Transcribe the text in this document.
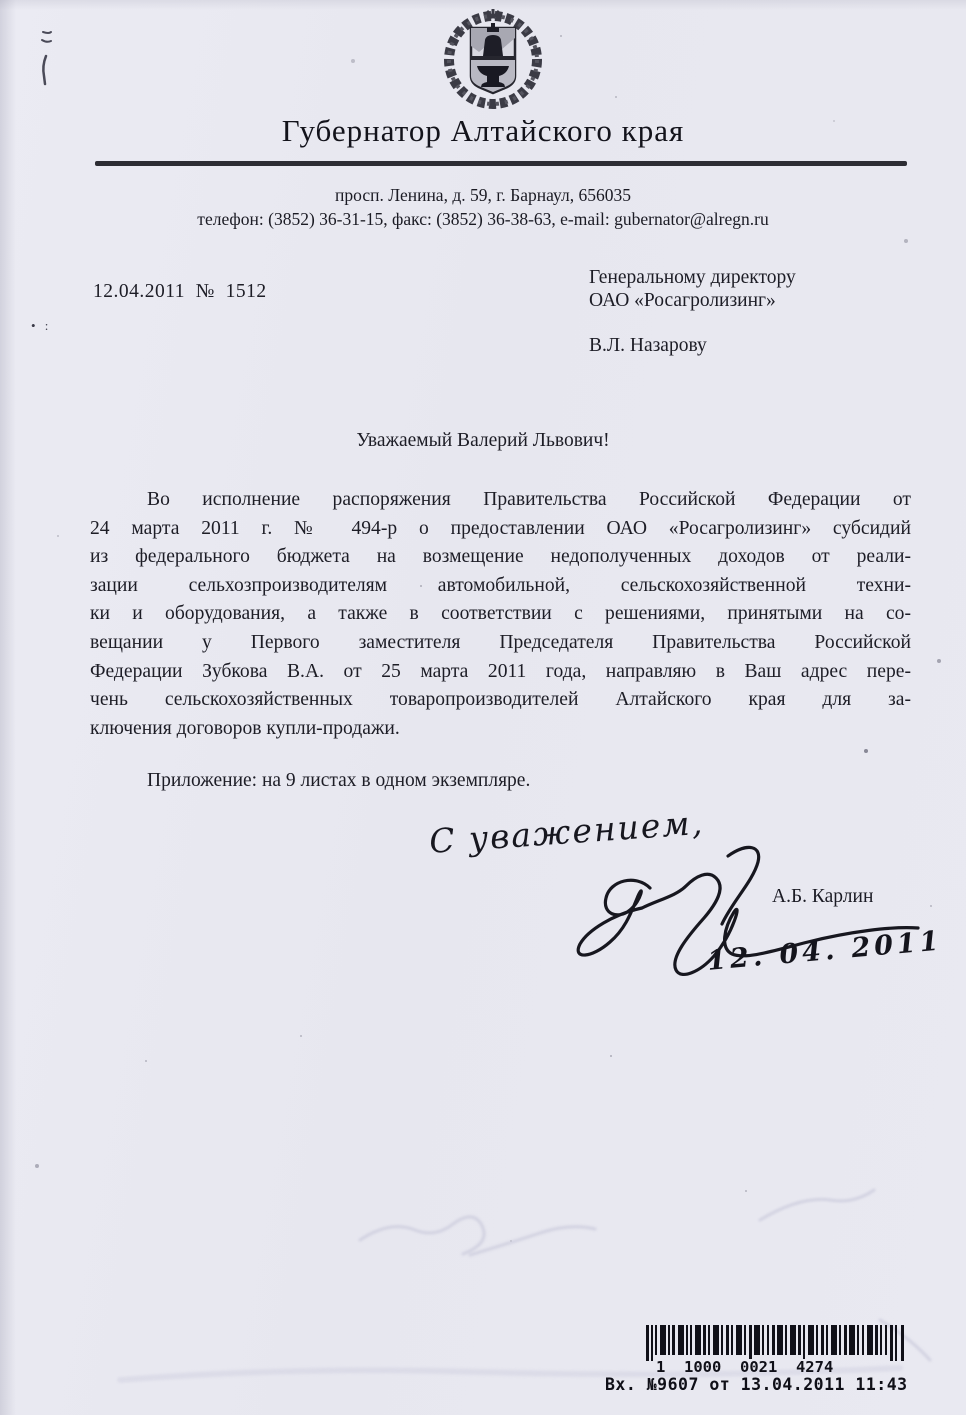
• :
Губернатор Алтайского края
просп. Ленина, д. 59, г. Барнаул, 656035
телефон: (3852) 36-31-15, факс: (3852) 36-38-63, e-mail: gubernator@alregn.ru
12.04.2011  №  1512
Генеральному директору
ОАО «Росагролизинг»
В.Л. Назарову
Уважаемый Валерий Львович!
Во исполнение распоряжения Правительства Российской Федерации от
24 марта 2011 г. № 494-р о предоставлении ОАО «Росагролизинг» субсидий
из федерального бюджета на возмещение недополученных доходов от реали-
зации сельхозпроизводителям автомобильной, сельскохозяйственной техни-
ки и оборудования, а также в соответствии с решениями, принятыми на со-
вещании у Первого заместителя Председателя Правительства Российской
Федерации Зубкова В.А. от 25 марта 2011 года, направляю в Ваш адрес пере-
чень сельскохозяйственных товаропроизводителей Алтайского края для за-
ключения договоров купли-продажи.
Приложение: на 9 листах в одном экземпляре.
С уважением,
А.Б. Карлин
12. 04. 2011
1  1000  0021  4274
Вх. №9607 от 13.04.2011 11:43
